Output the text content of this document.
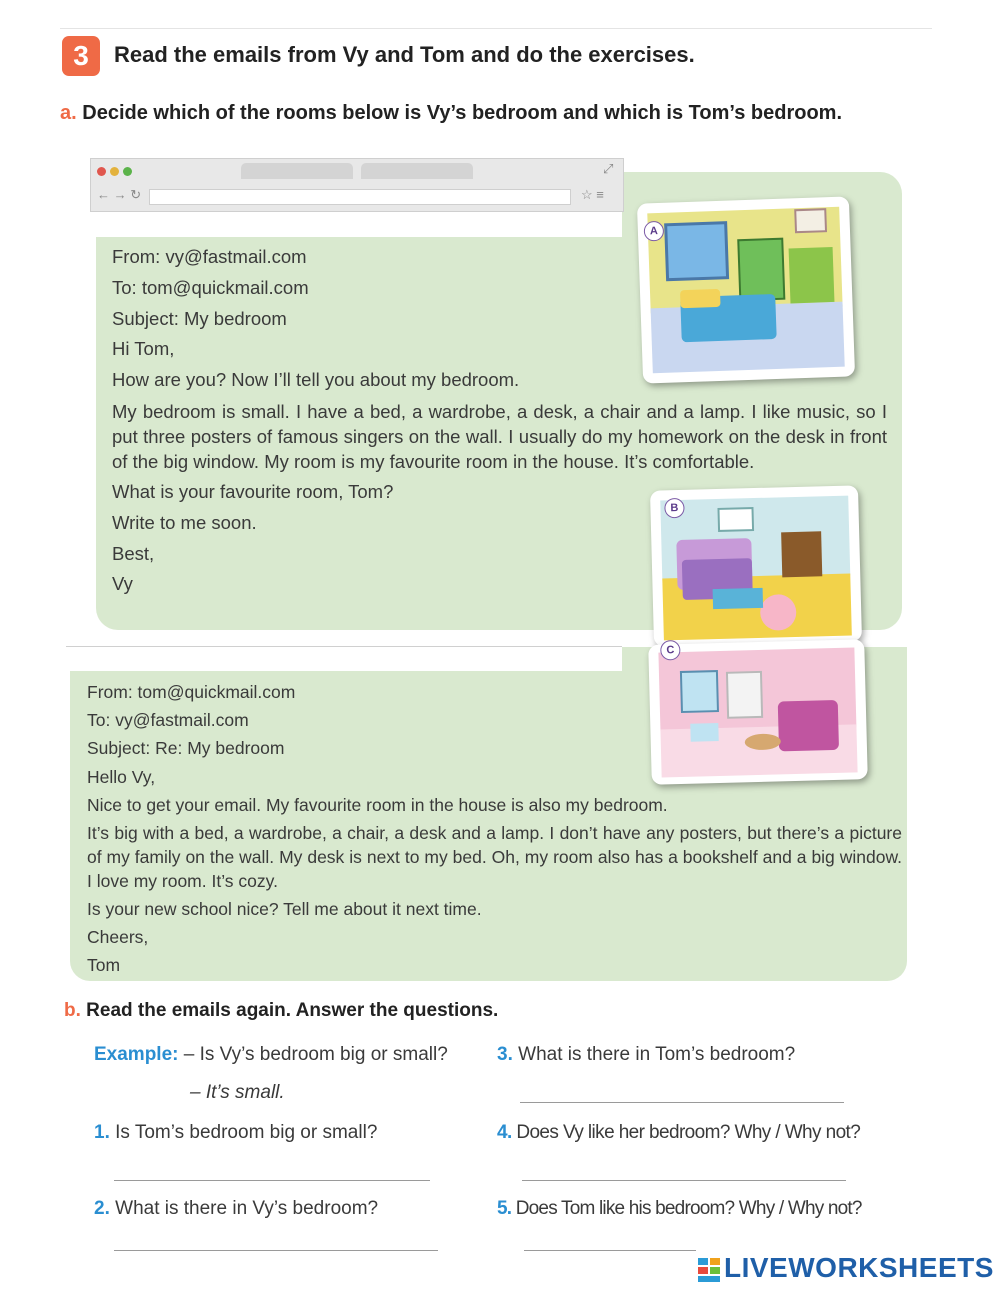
3	Read the emails from Vy and Tom and do the exercises.
a. Decide which of the rooms below is Vy’s bedroom and which is Tom’s bedroom.
← → ↻	☆ ≡
⤢
A
B
From: vy@fastmail.com
To: tom@quickmail.com
Subject: My bedroom
Hi Tom,
How are you? Now I’ll tell you about my bedroom.
My bedroom is small. I have a bed, a wardrobe, a desk, a chair and a lamp. I like music, so I put three posters of famous singers on the wall. I usually do my homework on the desk in front of the big window. My room is my favourite room in the house. It’s comfortable.
What is your favourite room, Tom?
Write to me soon.
Best,
Vy
C
From: tom@quickmail.com
To: vy@fastmail.com
Subject: Re: My bedroom
Hello Vy,
Nice to get your email. My favourite room in the house is also my bedroom.
It’s big with a bed, a wardrobe, a chair, a desk and a lamp. I don’t have any posters, but there’s a picture of my family on the wall. My desk is next to my bed. Oh, my room also has a bookshelf and a big window. I love my room. It’s cozy.
Is your new school nice? Tell me about it next time.
Cheers,
Tom
b. Read the emails again. Answer the questions.
Example: – Is Vy’s bedroom big or small?
– It’s small.
1. Is Tom’s bedroom big or small?
2. What is there in Vy’s bedroom?
3. What is there in Tom’s bedroom?
4. Does Vy like her bedroom? Why / Why not?
5. Does Tom like his bedroom? Why / Why not?
LIVEWORKSHEETS
